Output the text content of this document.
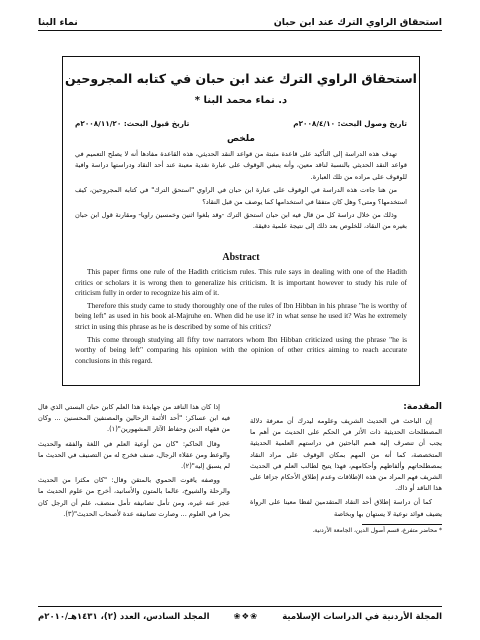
استحقاق الراوي الترك عند ابن حبان
نماء البنا
استحقاق الراوي الترك عند ابن حبان في كتابه المجروحين
د. نماء محمد البنا *
تاريخ وصول البحث: ٢٠٠٨/٤/١٠م
تاريخ قبول البحث: ٢٠٠٨/١١/٢٠م
ملخص

تهدف هذه الدراسة إلى التأكيد على قاعدة مثبتة من قواعد النقد الحديثي، هذه القاعدة مفادها أنه لا يصلح التعميم في قواعد النقد الحديثي بالنسبة لناقد معين، وأنه ينبغي الوقوف على عبارة نقدية معينة عند أحد النقاد ودراستها دراسة وافية للوقوف على مراده من تلك العبارة.

من هنا جاءت هذه الدراسة في الوقوف على عبارة ابن حبان في الراوي "استحق الترك" في كتابه المجروحين، كيف استخدمها؟ ومتى؟ وهل كان متفقا في استخدامها كما يوصف من قبل النقاد؟

وذلك من خلال دراسة كل من قال فيه ابن حبان استحق الترك -وقد بلغوا اثنين وخمسين راويا- ومقارنة قول ابن حبان بغيره من النقاد، للخلوص بعد ذلك إلى نتيجة علمية دقيقة.

Abstract

This paper firms one rule of the Hadith criticism rules. This rule says in dealing with one of the Hadith critics or scholars it is wrong then to generalize his criticism. It is important however to study his rule of criticism fully in order to recognize his aim of it.

Therefore this study came to study thoroughly one of the rules of Ibn Hibban in his phrase "he is worthy of being left" as used in his book al-Majruhe en. When did he use it? in what sense he used it? Was he extremely strict in using this phrase as he is described by some of his critics?

This come through studying all fifty tow narrators whom Ibn Hibban criticized using the phrase "he is worthy of being left" comparing his opinion with the opinion of other critics aiming to reach accurate conclusions in this regard.

المقدمة:

إن الباحث في الحديث الشريف وعلومه ليدرك أن معرفة دلالة المصطلحات الحديثية ذات الأثر في الحكم على الحديث من أهم ما يجب أن تنصرف إليه همم الباحثين في دراستهم العلمية الحديثية المتخصصة، كما أنه من المهم بمكان الوقوف على مراد النقاد بمصطلحاتهم وألفاظهم وأحكامهم، فهذا يتيح لطالب العلم في الحديث الشريف فهم المراد من هذه الإطلاقات وعدم إطلاق الأحكام جزافا على هذا الناقد أو ذاك.

كما أن دراسة إطلاق أحد النقاد المتقدمين لفظا معينا على الرواة يضيف فوائد نوعية لا يستهان بها وبخاصة

* محاضر متفرغ، قسم أصول الدين، الجامعة الأردنية.

إذا كان هذا الناقد من جهابذة هذا العلم كابن حبان البستي الذي قال فيه ابن عساكر: "أحد الأئمة الرحالين والمصنفين المحسنين ... وكان من فقهاء الدين وحفاظ الآثار المشهورين"(١).

وقال الحاكم: "كان من أوعية العلم في اللغة والفقه والحديث والوعظ ومن عقلاء الرجال، صنف فخرج له من التصنيف في الحديث ما لم يسبق إليه"(٢).

ووصفه ياقوت الحموي بالمتقن وقال: "كان مكثرا من الحديث والرحلة والشيوخ، عالما بالمتون والأسانيد، أخرج من علوم الحديث ما عجز عنه غيره، ومن تأمل تصانيفه تأمل منصف، علم أن الرجل كان بحرا في العلوم ... وصارت تصانيفه عدة لأصحاب الحديث"(٣).

المجلة الأردنية في الدراسات الإسلامية
❀❖❀
المجلد السادس، العدد (٢)، ١٤٣١هـ/٢٠١٠م
